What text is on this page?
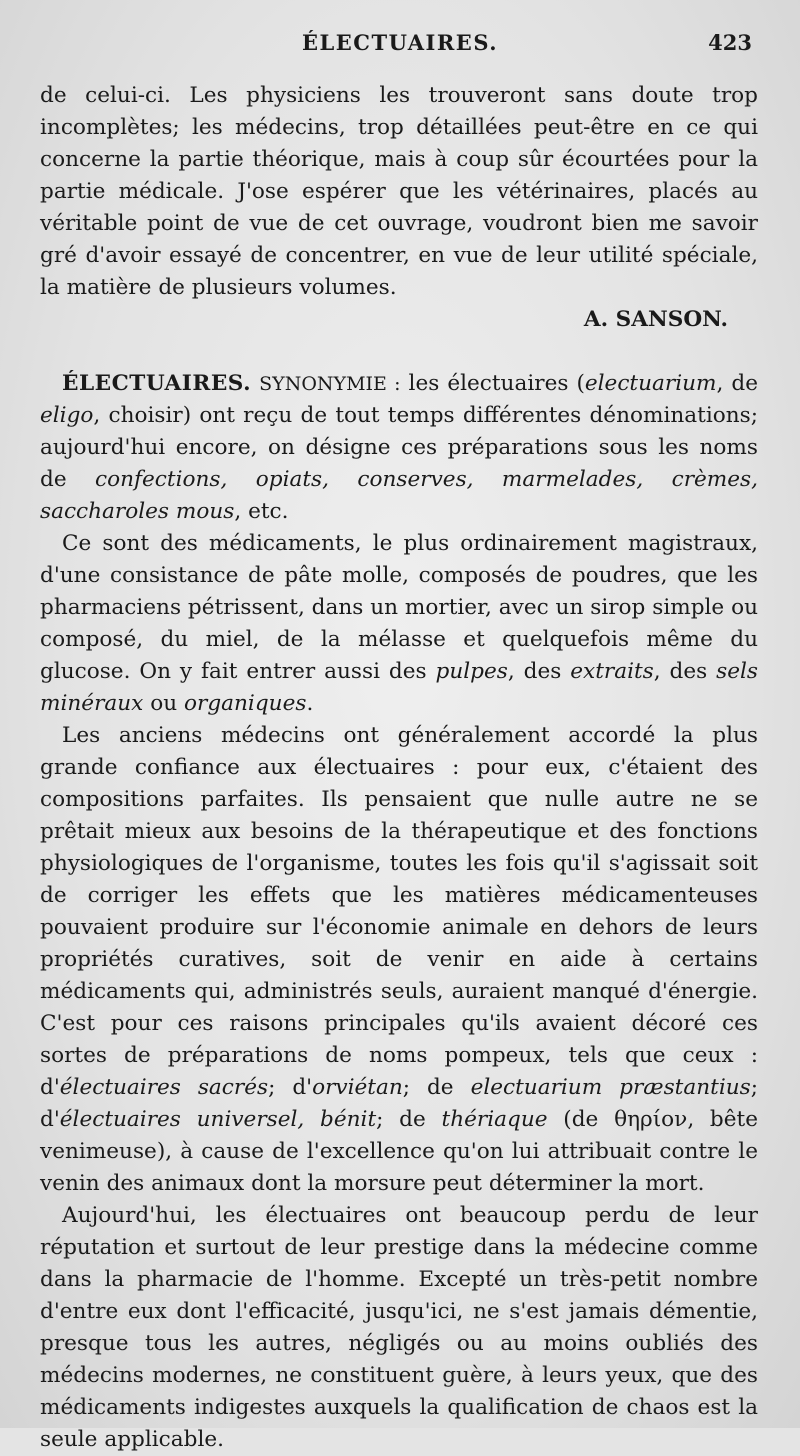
ÉLECTUAIRES.	423

de celui-ci. Les physiciens les trouveront sans doute trop incomplètes; les médecins, trop détaillées peut-être en ce qui concerne la partie théorique, mais à coup sûr écourtées pour la partie médicale. J'ose espérer que les vétérinaires, placés au véritable point de vue de cet ouvrage, voudront bien me savoir gré d'avoir essayé de concentrer, en vue de leur utilité spéciale, la matière de plusieurs volumes.

A. SANSON.

ÉLECTUAIRES. SYNONYMIE : les électuaires (electuarium, de eligo, choisir) ont reçu de tout temps différentes dénominations; aujourd'hui encore, on désigne ces préparations sous les noms de confections, opiats, conserves, marmelades, crèmes, saccharoles mous, etc.

Ce sont des médicaments, le plus ordinairement magistraux, d'une consistance de pâte molle, composés de poudres, que les pharmaciens pétrissent, dans un mortier, avec un sirop simple ou composé, du miel, de la mélasse et quelquefois même du glucose. On y fait entrer aussi des pulpes, des extraits, des sels minéraux ou organiques.

Les anciens médecins ont généralement accordé la plus grande confiance aux électuaires : pour eux, c'étaient des compositions parfaites. Ils pensaient que nulle autre ne se prêtait mieux aux besoins de la thérapeutique et des fonctions physiologiques de l'organisme, toutes les fois qu'il s'agissait soit de corriger les effets que les matières médicamenteuses pouvaient produire sur l'économie animale en dehors de leurs propriétés curatives, soit de venir en aide à certains médicaments qui, administrés seuls, auraient manqué d'énergie. C'est pour ces raisons principales qu'ils avaient décoré ces sortes de préparations de noms pompeux, tels que ceux : d'électuaires sacrés; d'orviétan; de electuarium præstantius; d'électuaires universel, bénit; de thériaque (de θηρίον, bête venimeuse), à cause de l'excellence qu'on lui attribuait contre le venin des animaux dont la morsure peut déterminer la mort.

Aujourd'hui, les électuaires ont beaucoup perdu de leur réputation et surtout de leur prestige dans la médecine comme dans la pharmacie de l'homme. Excepté un très-petit nombre d'entre eux dont l'efficacité, jusqu'ici, ne s'est jamais démentie, presque tous les autres, négligés ou au moins oubliés des médecins modernes, ne constituent guère, à leurs yeux, que des médicaments indigestes auxquels la qualification de chaos est la seule applicable.
